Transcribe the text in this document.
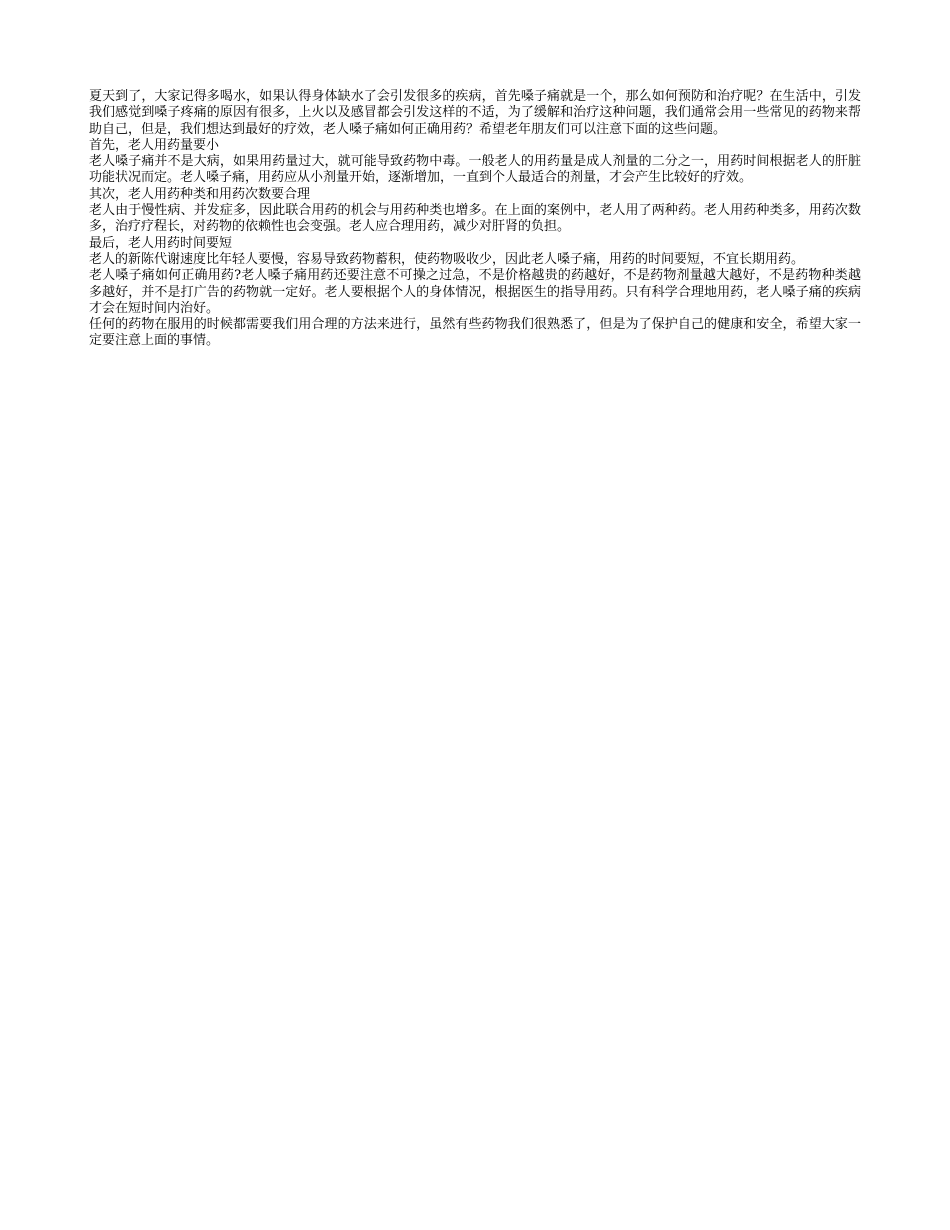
夏天到了，大家记得多喝水，如果认得身体缺水了会引发很多的疾病，首先嗓子痛就是一个，那么如何预防和治疗呢？在生活中，引发我们感觉到嗓子疼痛的原因有很多，上火以及感冒都会引发这样的不适，为了缓解和治疗这种问题，我们通常会用一些常见的药物来帮助自己，但是，我们想达到最好的疗效，老人嗓子痛如何正确用药？希望老年朋友们可以注意下面的这些问题。

首先，老人用药量要小

老人嗓子痛并不是大病，如果用药量过大，就可能导致药物中毒。一般老人的用药量是成人剂量的二分之一，用药时间根据老人的肝脏功能状况而定。老人嗓子痛，用药应从小剂量开始，逐渐增加，一直到个人最适合的剂量，才会产生比较好的疗效。

其次，老人用药种类和用药次数要合理

老人由于慢性病、并发症多，因此联合用药的机会与用药种类也增多。在上面的案例中，老人用了两种药。老人用药种类多，用药次数多，治疗疗程长，对药物的依赖性也会变强。老人应合理用药，减少对肝肾的负担。

最后，老人用药时间要短

老人的新陈代谢速度比年轻人要慢，容易导致药物蓄积，使药物吸收少，因此老人嗓子痛，用药的时间要短，不宜长期用药。

老人嗓子痛如何正确用药?老人嗓子痛用药还要注意不可操之过急，不是价格越贵的药越好，不是药物剂量越大越好，不是药物种类越多越好，并不是打广告的药物就一定好。老人要根据个人的身体情况，根据医生的指导用药。只有科学合理地用药，老人嗓子痛的疾病才会在短时间内治好。

任何的药物在服用的时候都需要我们用合理的方法来进行，虽然有些药物我们很熟悉了，但是为了保护自己的健康和安全，希望大家一定要注意上面的事情。
